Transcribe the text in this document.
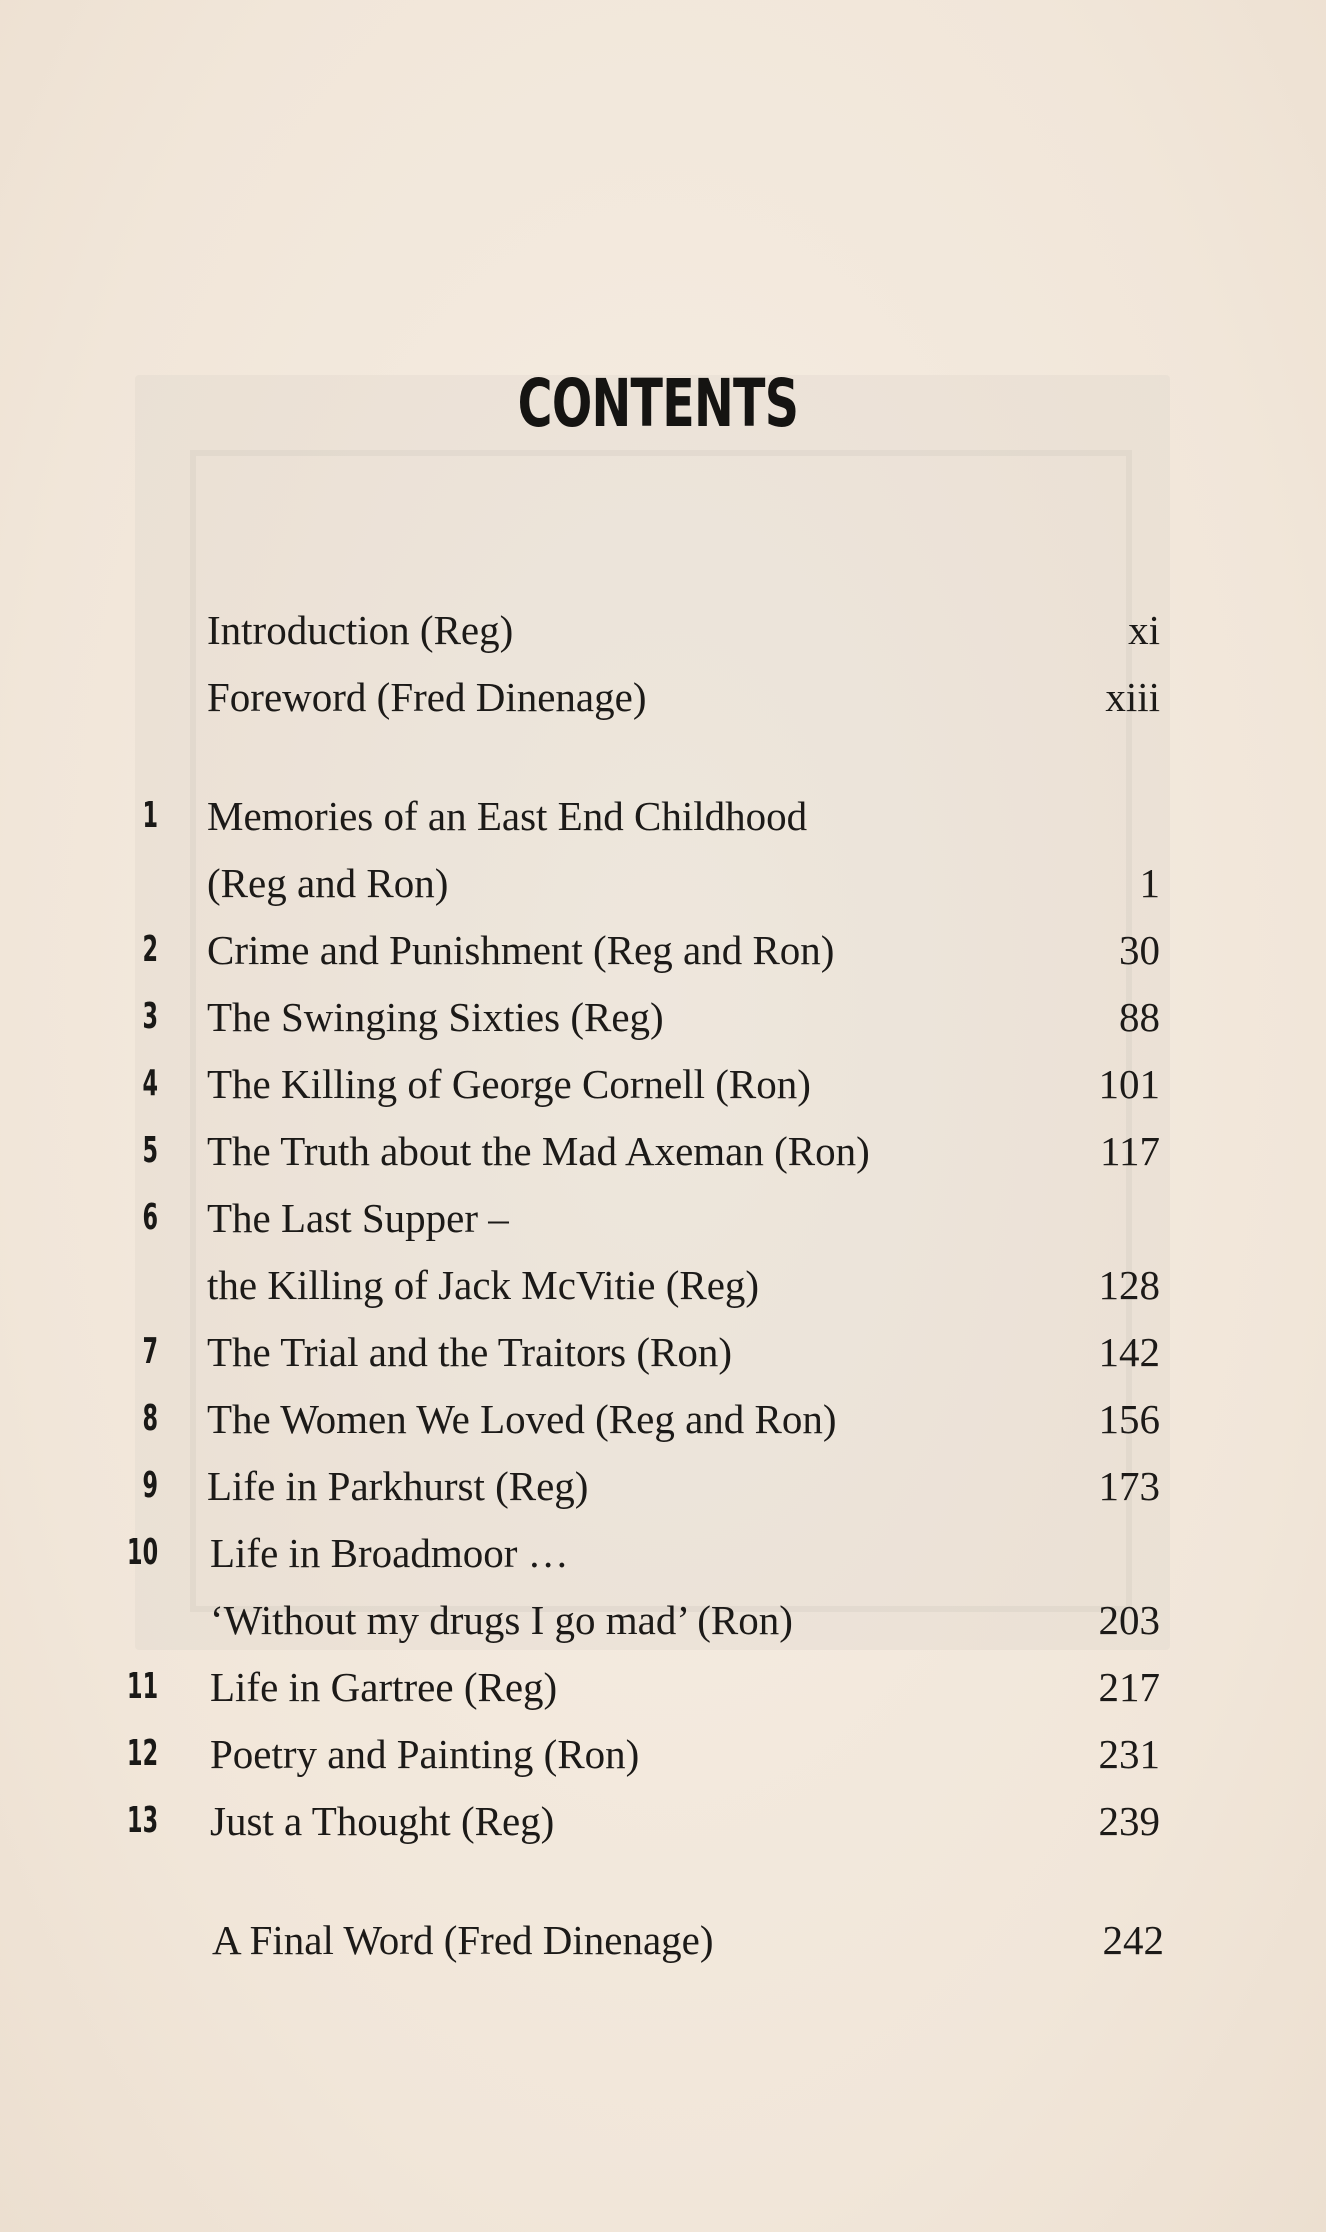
CONTENTS
Introduction (Reg)	xi
Foreword (Fred Dinenage)	xiii
1 Memories of an East End Childhood
(Reg and Ron)	1
2 Crime and Punishment (Reg and Ron)	30
3 The Swinging Sixties (Reg)	88
4 The Killing of George Cornell (Ron)	101
5 The Truth about the Mad Axeman (Ron)	117
6 The Last Supper –
the Killing of Jack McVitie (Reg)	128
7 The Trial and the Traitors (Ron)	142
8 The Women We Loved (Reg and Ron)	156
9 Life in Parkhurst (Reg)	173
10 Life in Broadmoor …
‘Without my drugs I go mad’ (Ron)	203
11 Life in Gartree (Reg)	217
12 Poetry and Painting (Ron)	231
13 Just a Thought (Reg)	239
A Final Word (Fred Dinenage)	242
